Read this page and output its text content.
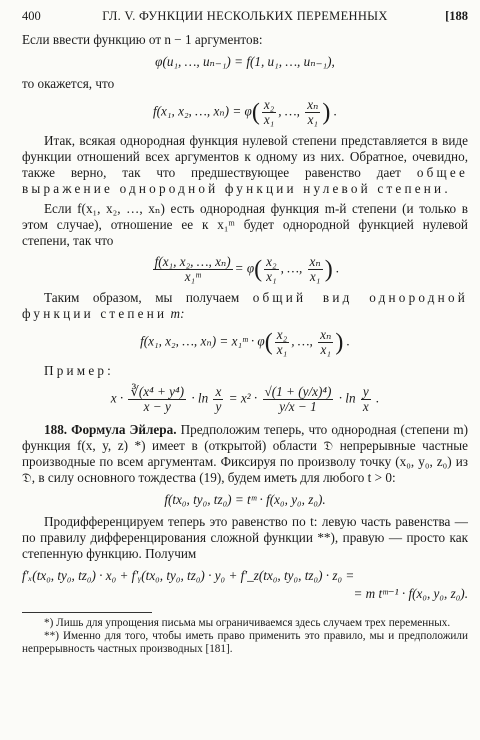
400	ГЛ. V. ФУНКЦИИ НЕСКОЛЬКИХ ПЕРЕМЕННЫХ	[188

Если ввести функцию от n − 1 аргументов:

φ(u₁, …, uₙ₋₁) = f(1, u₁, …, uₙ₋₁),

то окажется, что

f(x₁, x₂, …, $x_n) = \varphi( \frac{\text{x₂}}{\text{x₁}}$ , …, $\frac{\text{xₙ}}{\text{x₁}}$ ) .

Итак, всякая однородная функция нулевой степени представляется в виде функции отношений всех аргументов к одному из них. Обратное, очевидно, также верно, так что предшествующее равенство дает общее выражение однородной функции нулевой степени.

Если f(x₁, x₂, …, xₙ) есть однородная функция m-й степени (и только в этом случае), отношение ее к x₁ᵐ будет однородной функцией нулевой степени, так что

$\frac{\text{f(x₁, x₂, …, xₙ)}}{\text{x₁ᵐ}} = \varphi( \frac{\text{x₂}}{\text{x₁}}$ , …, $\frac{\text{xₙ}}{\text{x₁}}$ ) .

Таким образом, мы получаем общий вид однородной функции степени m:

f(x₁, x₂, …, xₙ) = x₁ᵐ · $\varphi( \frac{\text{x₂}}{\text{x₁}}$ , …, $\frac{\text{xₙ}}{\text{x₁}}$ ) .

Пример:

$x \cdot \frac{\text{∛(x⁴ + y⁴)}}{x - y} \cdot \ln \frac{x}{y} = x^2 \cdot \frac{\text{√(1 + (y/x)⁴)}}{y/x - 1} \cdot \ln \frac{y}{x}$ .

188. Формула Эйлера. Предположим теперь, что однородная (степени m) функция f(x, y, z) *) имеет в (открытой) области 𝔇 непрерывные частные производные по всем аргументам. Фиксируя по произволу точку (x₀, y₀, z₀) из 𝔇, в силу основного тождества (19), будем иметь для любого t > 0:

f(tx₀, ty₀, tz₀) = tᵐ · f(x₀, y₀, z₀).

Продифференцируем теперь это равенство по t: левую часть равенства — по правилу дифференцирования сложной функции **), правую — просто как степенную функцию. Получим

f′ₓ(tx₀, ty₀, tz₀) · x₀ + f′ᵧ(tx₀, ty₀, tz₀) · y₀ + f′_z(tx₀, ty₀, tz₀) · z₀ =
= m tᵐ⁻¹ · f(x₀, y₀, z₀).

*) Лишь для упрощения письма мы ограничиваемся здесь случаем трех переменных.

**) Именно для того, чтобы иметь право применить это правило, мы и предположили непрерывность частных производных [181].
